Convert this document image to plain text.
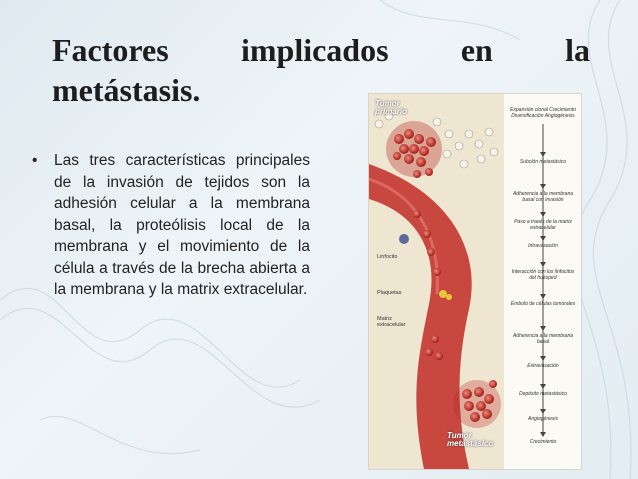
Factores implicados en la
metástasis.
•	Las tres características principales de la invasión de tejidos son la adhesión celular a la membrana basal, la proteólisis local de la membrana y el movimiento de la célula a través de la brecha abierta a la membrana y la matrix extracelular.
Tumor primario
Tumor metastásico
Linfocito
Plaquetas
Matriz extracelular
Expansión clonal Crecimiento Diversificación Angiogénesis
Subclón metastásico
Adherencia a la membrana basal con invasión
Paso a través de la matriz extracelular
Intravasación
Interacción con los linfocitos del huésped
Émbolo de células tumorales
Adherencia a la membrana basal
Extravasación
Depósito metastásico
Angiogénesis
Crecimiento
